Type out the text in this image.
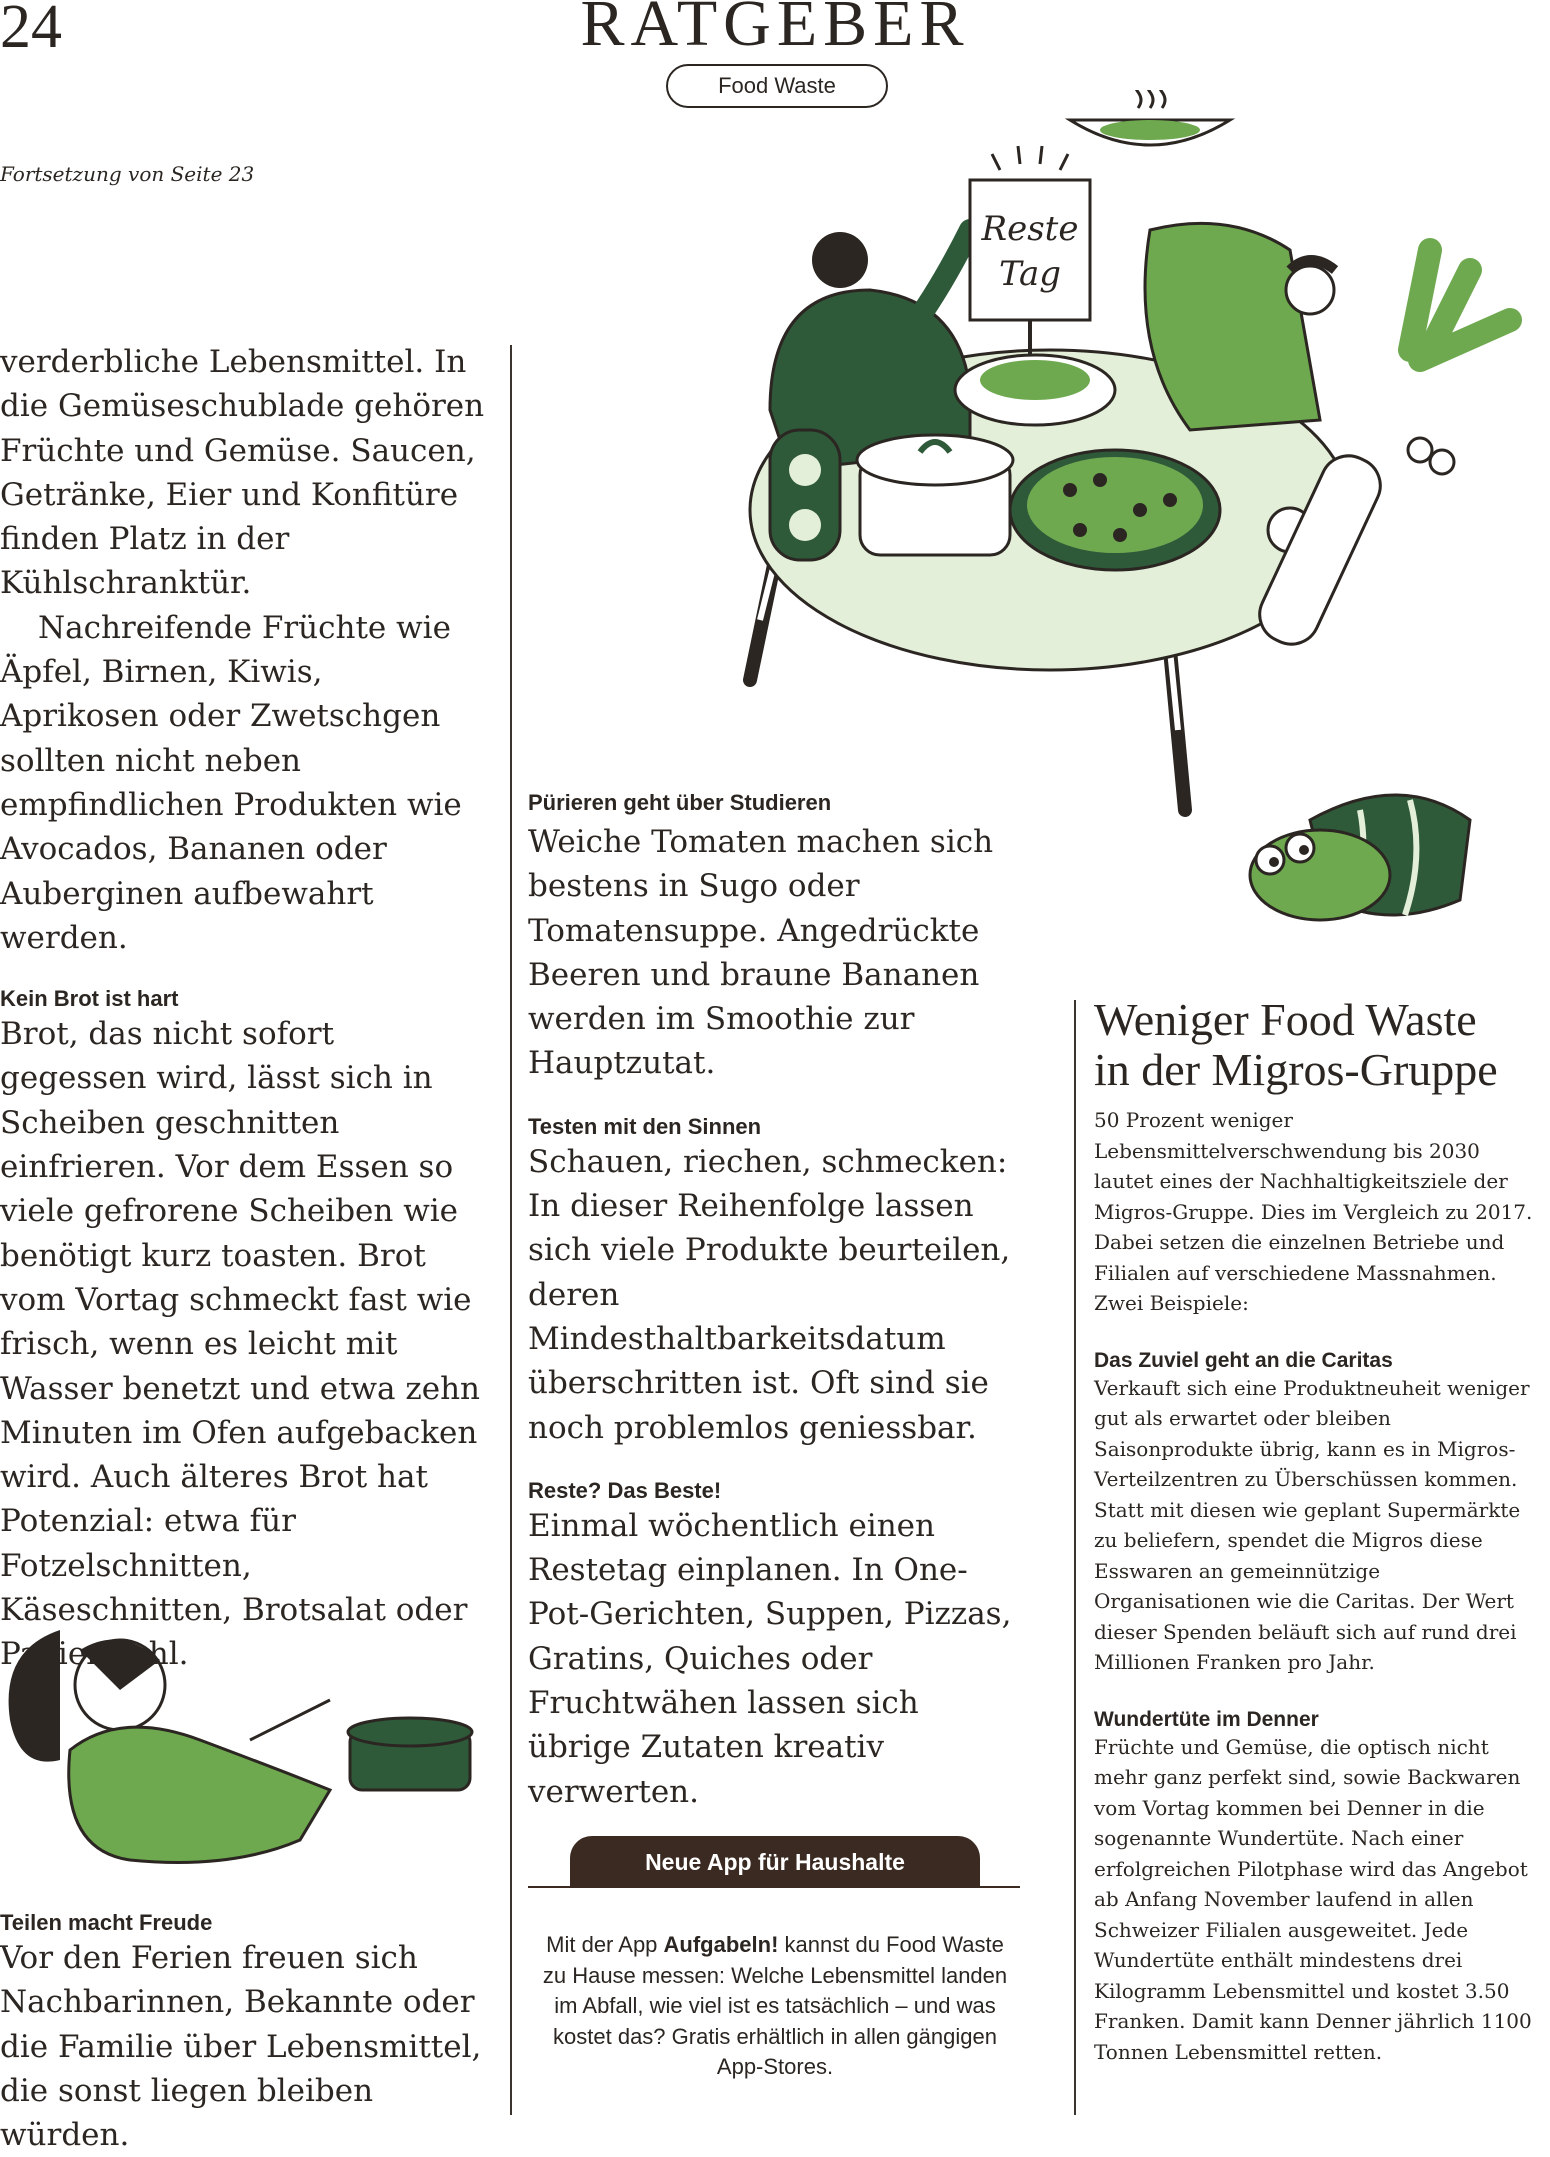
24	RATGEBER
Food Waste
Fortsetzung von Seite 23
Reste
Tag

verderbliche Lebensmittel. In die Gemüseschublade gehören Früchte und Gemüse. Saucen, Getränke, Eier und Konfitüre finden Platz in der Kühlschranktür.

Nachreifende Früchte wie Äpfel, Birnen, Kiwis, Aprikosen oder Zwetschgen sollten nicht neben empfindlichen Produkten wie Avocados, Bananen oder Auberginen aufbewahrt werden.

Kein Brot ist hart

Brot, das nicht sofort gegessen wird, lässt sich in Scheiben geschnitten einfrieren. Vor dem Essen so viele gefrorene Scheiben wie benötigt kurz toasten. Brot vom Vortag schmeckt fast wie frisch, wenn es leicht mit Wasser benetzt und etwa zehn Minuten im Ofen aufgebacken wird. Auch älteres Brot hat Potenzial: etwa für Fotzelschnitten, Käseschnitten, Brotsalat oder Paniermehl.

Teilen macht Freude

Vor den Ferien freuen sich Nachbarinnen, Bekannte oder die Familie über Lebensmittel, die sonst liegen bleiben würden.

Pürieren geht über Studieren

Weiche Tomaten machen sich bestens in Sugo oder Tomatensuppe. Angedrückte Beeren und braune Bananen werden im Smoothie zur Hauptzutat.

Testen mit den Sinnen

Schauen, riechen, schmecken: In dieser Reihenfolge lassen sich viele Produkte beurteilen, deren Mindesthaltbarkeitsdatum überschritten ist. Oft sind sie noch problemlos geniessbar.

Reste? Das Beste!

Einmal wöchentlich einen Restetag einplanen. In One-Pot-Gerichten, Suppen, Pizzas, Gratins, Quiches oder Fruchtwähen lassen sich übrige Zutaten kreativ verwerten.

Neue App für Haushalte

Mit der App Aufgabeln! kannst du Food Waste zu Hause messen: Welche Lebensmittel landen im Abfall, wie viel ist es tatsächlich – und was kostet das? Gratis erhältlich in allen gängigen App-Stores.

Weniger Food Waste

in der Migros-Gruppe

50 Prozent weniger Lebensmittelverschwendung bis 2030 lautet eines der Nachhaltigkeitsziele der Migros-Gruppe. Dies im Vergleich zu 2017. Dabei setzen die einzelnen Betriebe und Filialen auf verschiedene Massnahmen. Zwei Beispiele:

Das Zuviel geht an die Caritas

Verkauft sich eine Produktneuheit weniger gut als erwartet oder bleiben Saisonprodukte übrig, kann es in Migros-Verteilzentren zu Überschüssen kommen. Statt mit diesen wie geplant Supermärkte zu beliefern, spendet die Migros diese Esswaren an gemeinnützige Organisationen wie die Caritas. Der Wert dieser Spenden beläuft sich auf rund drei Millionen Franken pro Jahr.

Wundertüte im Denner

Früchte und Gemüse, die optisch nicht mehr ganz perfekt sind, sowie Backwaren vom Vortag kommen bei Denner in die sogenannte Wundertüte. Nach einer erfolgreichen Pilotphase wird das Angebot ab Anfang November laufend in allen Schweizer Filialen ausgeweitet. Jede Wundertüte enthält mindestens drei Kilogramm Lebensmittel und kostet 3.50 Franken. Damit kann Denner jährlich 1100 Tonnen Lebensmittel retten.
